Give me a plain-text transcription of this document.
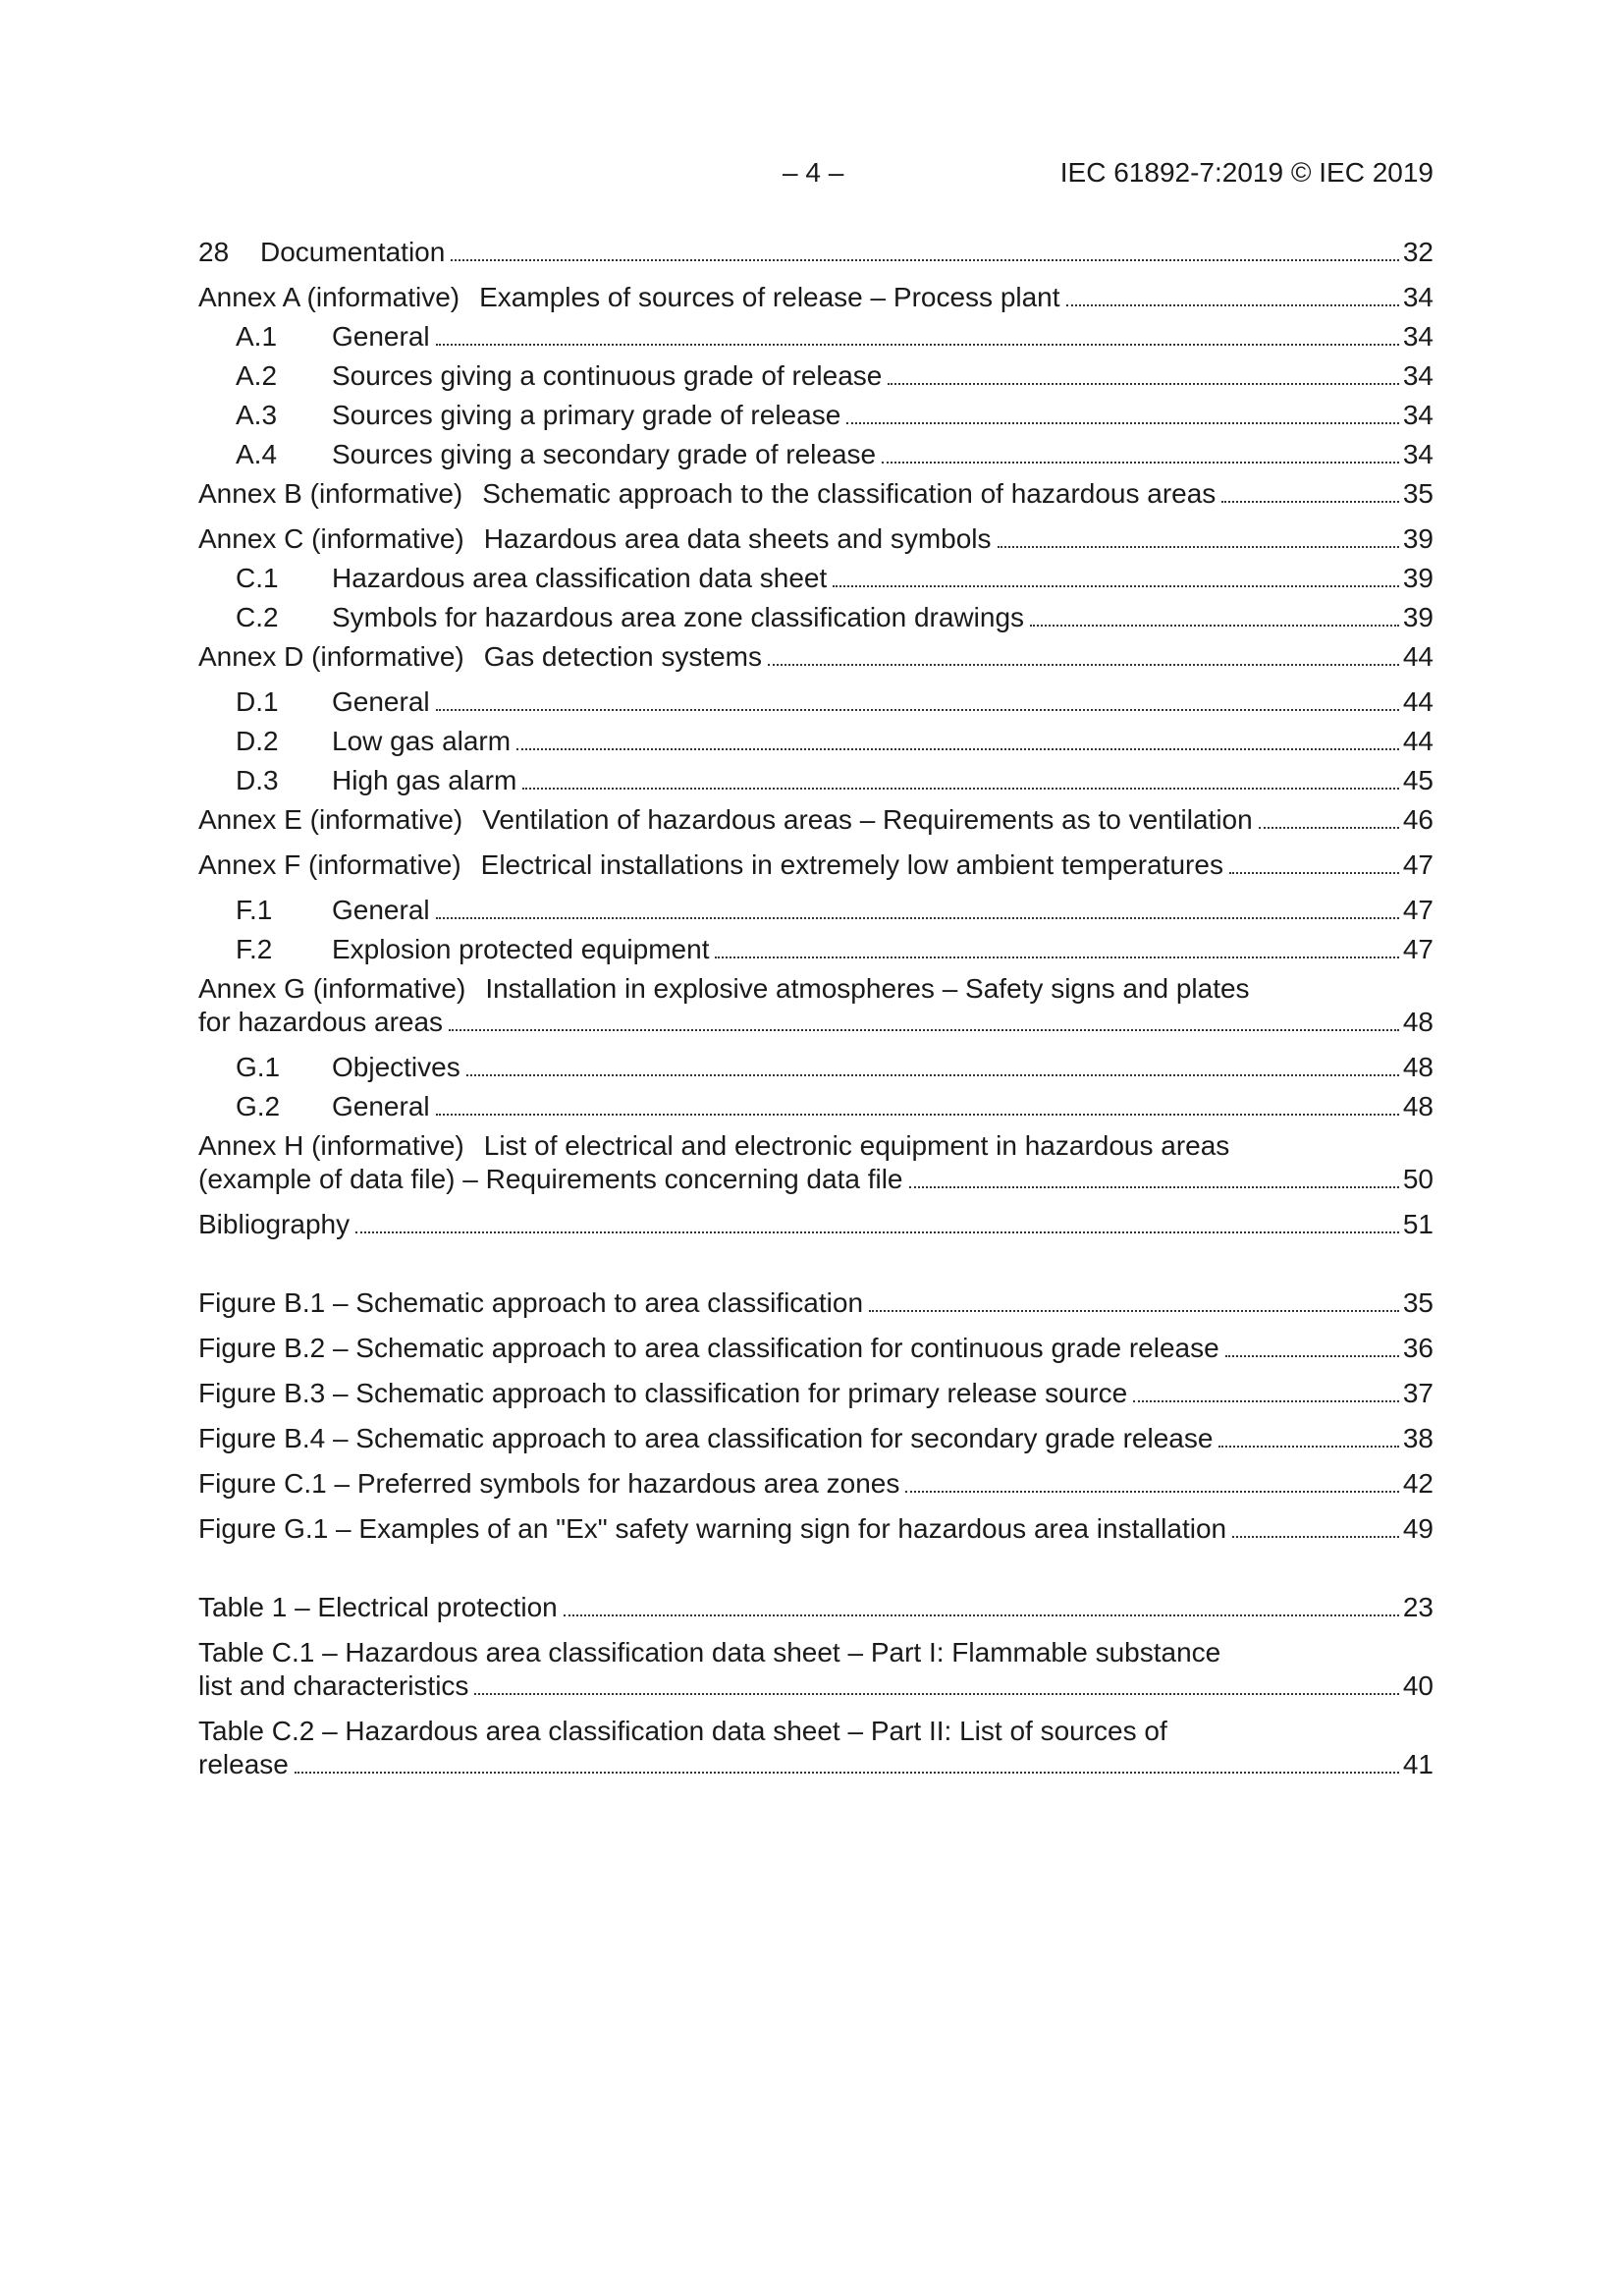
– 4 –	IEC 61892-7:2019 © IEC 2019
28	Documentation	32
Annex A (informative) Examples of sources of release – Process plant	34
A.1	General	34
A.2	Sources giving a continuous grade of release	34
A.3	Sources giving a primary grade of release	34
A.4	Sources giving a secondary grade of release	34
Annex B (informative) Schematic approach to the classification of hazardous areas	35
Annex C (informative) Hazardous area data sheets and symbols	39
C.1	Hazardous area classification data sheet	39
C.2	Symbols for hazardous area zone classification drawings	39
Annex D (informative) Gas detection systems	44
D.1	General	44
D.2	Low gas alarm	44
D.3	High gas alarm	45
Annex E (informative) Ventilation of hazardous areas – Requirements as to ventilation	46
Annex F (informative) Electrical installations in extremely low ambient temperatures	47
F.1	General	47
F.2	Explosion protected equipment	47
Annex G (informative) Installation in explosive atmospheres – Safety signs and plates
for hazardous areas	48
G.1	Objectives	48
G.2	General	48
Annex H (informative) List of electrical and electronic equipment in hazardous areas
(example of data file) – Requirements concerning data file	50
Bibliography	51
Figure B.1 – Schematic approach to area classification	35
Figure B.2 – Schematic approach to area classification for continuous grade release	36
Figure B.3 – Schematic approach to classification for primary release source	37
Figure B.4 – Schematic approach to area classification for secondary grade release	38
Figure C.1 – Preferred symbols for hazardous area zones	42
Figure G.1 – Examples of an "Ex" safety warning sign for hazardous area installation	49
Table 1 – Electrical protection	23
Table C.1 – Hazardous area classification data sheet – Part I: Flammable substance
list and characteristics	40
Table C.2 – Hazardous area classification data sheet – Part II: List of sources of
release	41
